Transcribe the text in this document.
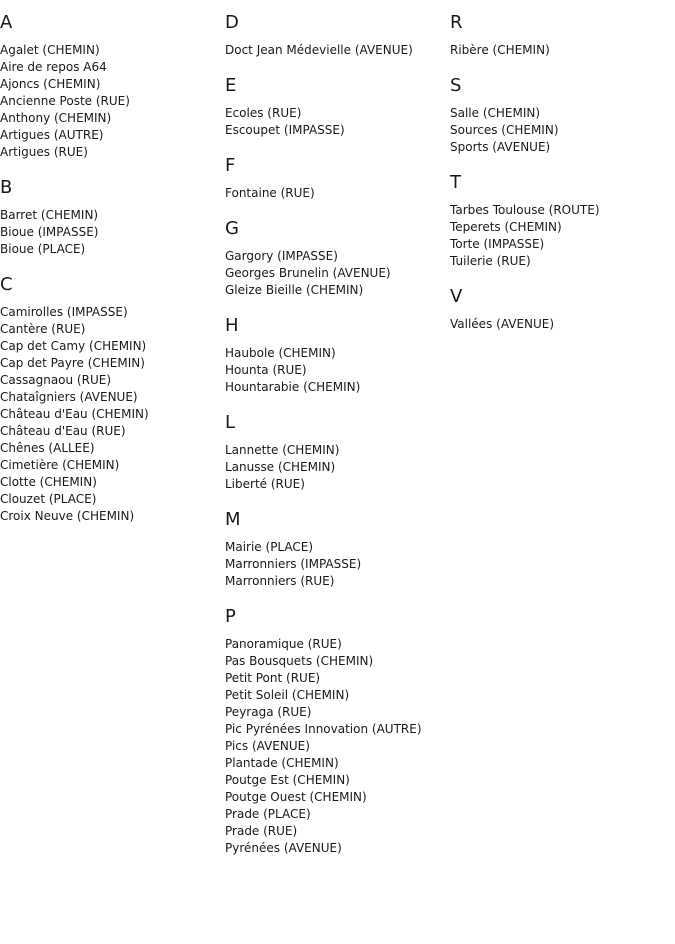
A
Agalet (CHEMIN)
Aire de repos A64
Ajoncs (CHEMIN)
Ancienne Poste (RUE)
Anthony (CHEMIN)
Artigues (AUTRE)
Artigues (RUE)
B
Barret (CHEMIN)
Bioue (IMPASSE)
Bioue (PLACE)
C
Camirolles (IMPASSE)
Cantère (RUE)
Cap det Camy (CHEMIN)
Cap det Payre (CHEMIN)
Cassagnaou (RUE)
Chataîgniers (AVENUE)
Château d'Eau (CHEMIN)
Château d'Eau (RUE)
Chênes (ALLEE)
Cimetière (CHEMIN)
Clotte (CHEMIN)
Clouzet (PLACE)
Croix Neuve (CHEMIN)
D
Doct Jean Médevielle (AVENUE)
E
Ecoles (RUE)
Escoupet (IMPASSE)
F
Fontaine (RUE)
G
Gargory (IMPASSE)
Georges Brunelin (AVENUE)
Gleize Bieille (CHEMIN)
H
Haubole (CHEMIN)
Hounta (RUE)
Hountarabie (CHEMIN)
L
Lannette (CHEMIN)
Lanusse (CHEMIN)
Liberté (RUE)
M
Mairie (PLACE)
Marronniers (IMPASSE)
Marronniers (RUE)
P
Panoramique (RUE)
Pas Bousquets (CHEMIN)
Petit Pont (RUE)
Petit Soleil (CHEMIN)
Peyraga (RUE)
Pic Pyrénées Innovation (AUTRE)
Pics (AVENUE)
Plantade (CHEMIN)
Poutge Est (CHEMIN)
Poutge Ouest (CHEMIN)
Prade (PLACE)
Prade (RUE)
Pyrénées (AVENUE)
R
Ribère (CHEMIN)
S
Salle (CHEMIN)
Sources (CHEMIN)
Sports (AVENUE)
T
Tarbes Toulouse (ROUTE)
Teperets (CHEMIN)
Torte (IMPASSE)
Tuilerie (RUE)
V
Vallées (AVENUE)
